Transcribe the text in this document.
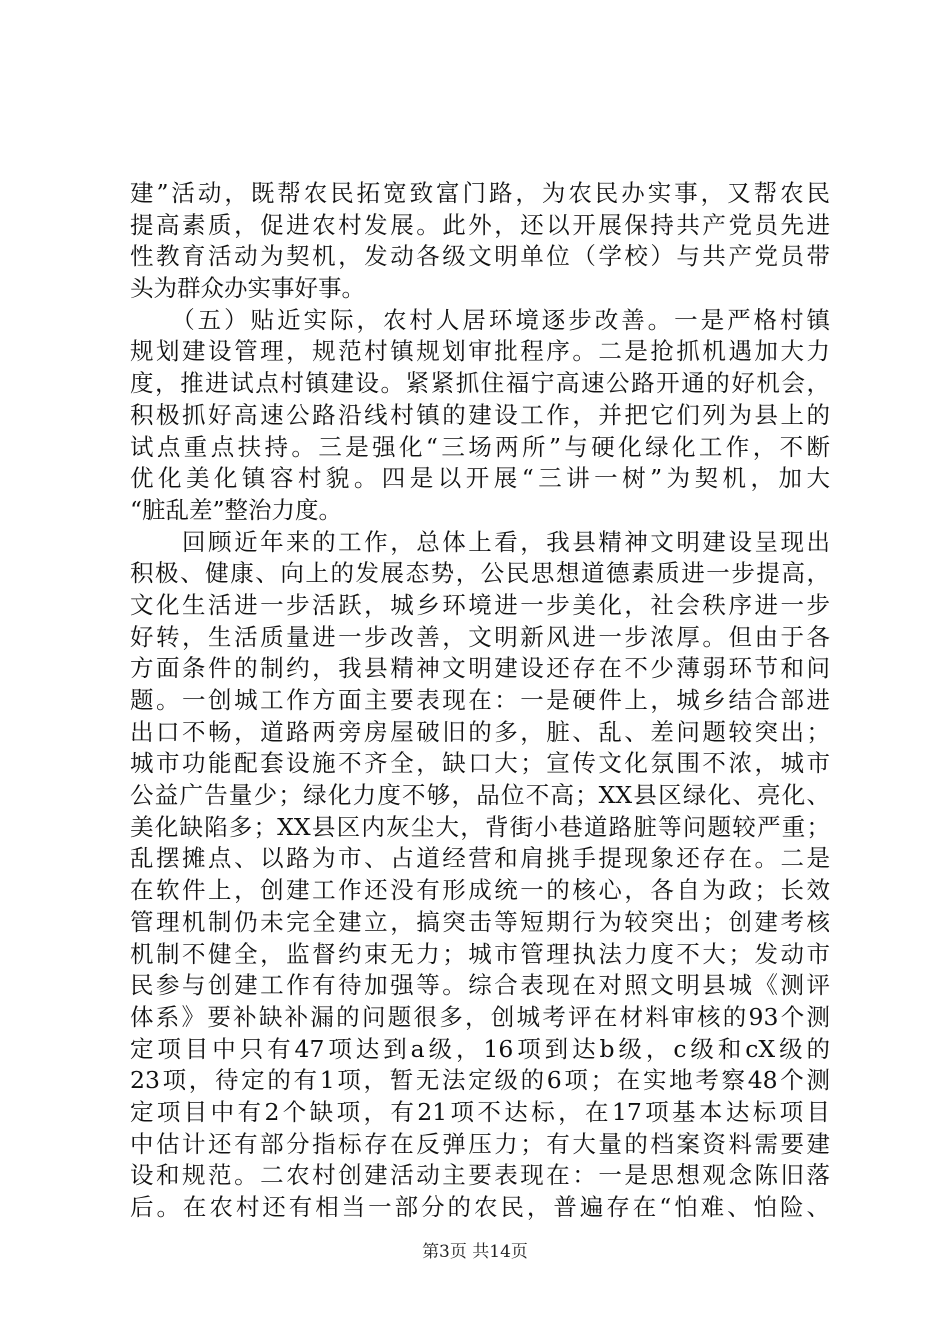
建”活动，既帮农民拓宽致富门路，为农民办实事，又帮农民
提高素质，促进农村发展。此外，还以开展保持共产党员先进
性教育活动为契机，发动各级文明单位（学校）与共产党员带
头为群众办实事好事。
　　（五）贴近实际，农村人居环境逐步改善。一是严格村镇
规划建设管理，规范村镇规划审批程序。二是抢抓机遇加大力
度，推进试点村镇建设。紧紧抓住福宁高速公路开通的好机会，
积极抓好高速公路沿线村镇的建设工作，并把它们列为县上的
试点重点扶持。三是强化“三场两所”与硬化绿化工作，不断
优化美化镇容村貌。四是以开展“三讲一树”为契机，加大
“脏乱差”整治力度。
　　回顾近年来的工作，总体上看，我县精神文明建设呈现出
积极、健康、向上的发展态势，公民思想道德素质进一步提高，
文化生活进一步活跃，城乡环境进一步美化，社会秩序进一步
好转，生活质量进一步改善，文明新风进一步浓厚。但由于各
方面条件的制约，我县精神文明建设还存在不少薄弱环节和问
题。一创城工作方面主要表现在：一是硬件上，城乡结合部进
出口不畅，道路两旁房屋破旧的多，脏、乱、差问题较突出；
城市功能配套设施不齐全，缺口大；宣传文化氛围不浓，城市
公益广告量少；绿化力度不够，品位不高；XX县区绿化、亮化、
美化缺陷多；XX县区内灰尘大，背街小巷道路脏等问题较严重；
乱摆摊点、以路为市、占道经营和肩挑手提现象还存在。二是
在软件上，创建工作还没有形成统一的核心，各自为政；长效
管理机制仍未完全建立，搞突击等短期行为较突出；创建考核
机制不健全，监督约束无力；城市管理执法力度不大；发动市
民参与创建工作有待加强等。综合表现在对照文明县城《测评
体系》要补缺补漏的问题很多，创城考评在材料审核的93个测
定项目中只有47项达到a级，16项到达b级，c级和cX级的
23项，待定的有1项，暂无法定级的6项；在实地考察48个测
定项目中有2个缺项，有21项不达标，在17项基本达标项目
中估计还有部分指标存在反弹压力；有大量的档案资料需要建
设和规范。二农村创建活动主要表现在：一是思想观念陈旧落
后。在农村还有相当一部分的农民，普遍存在“怕难、怕险、
第3页 共14页
